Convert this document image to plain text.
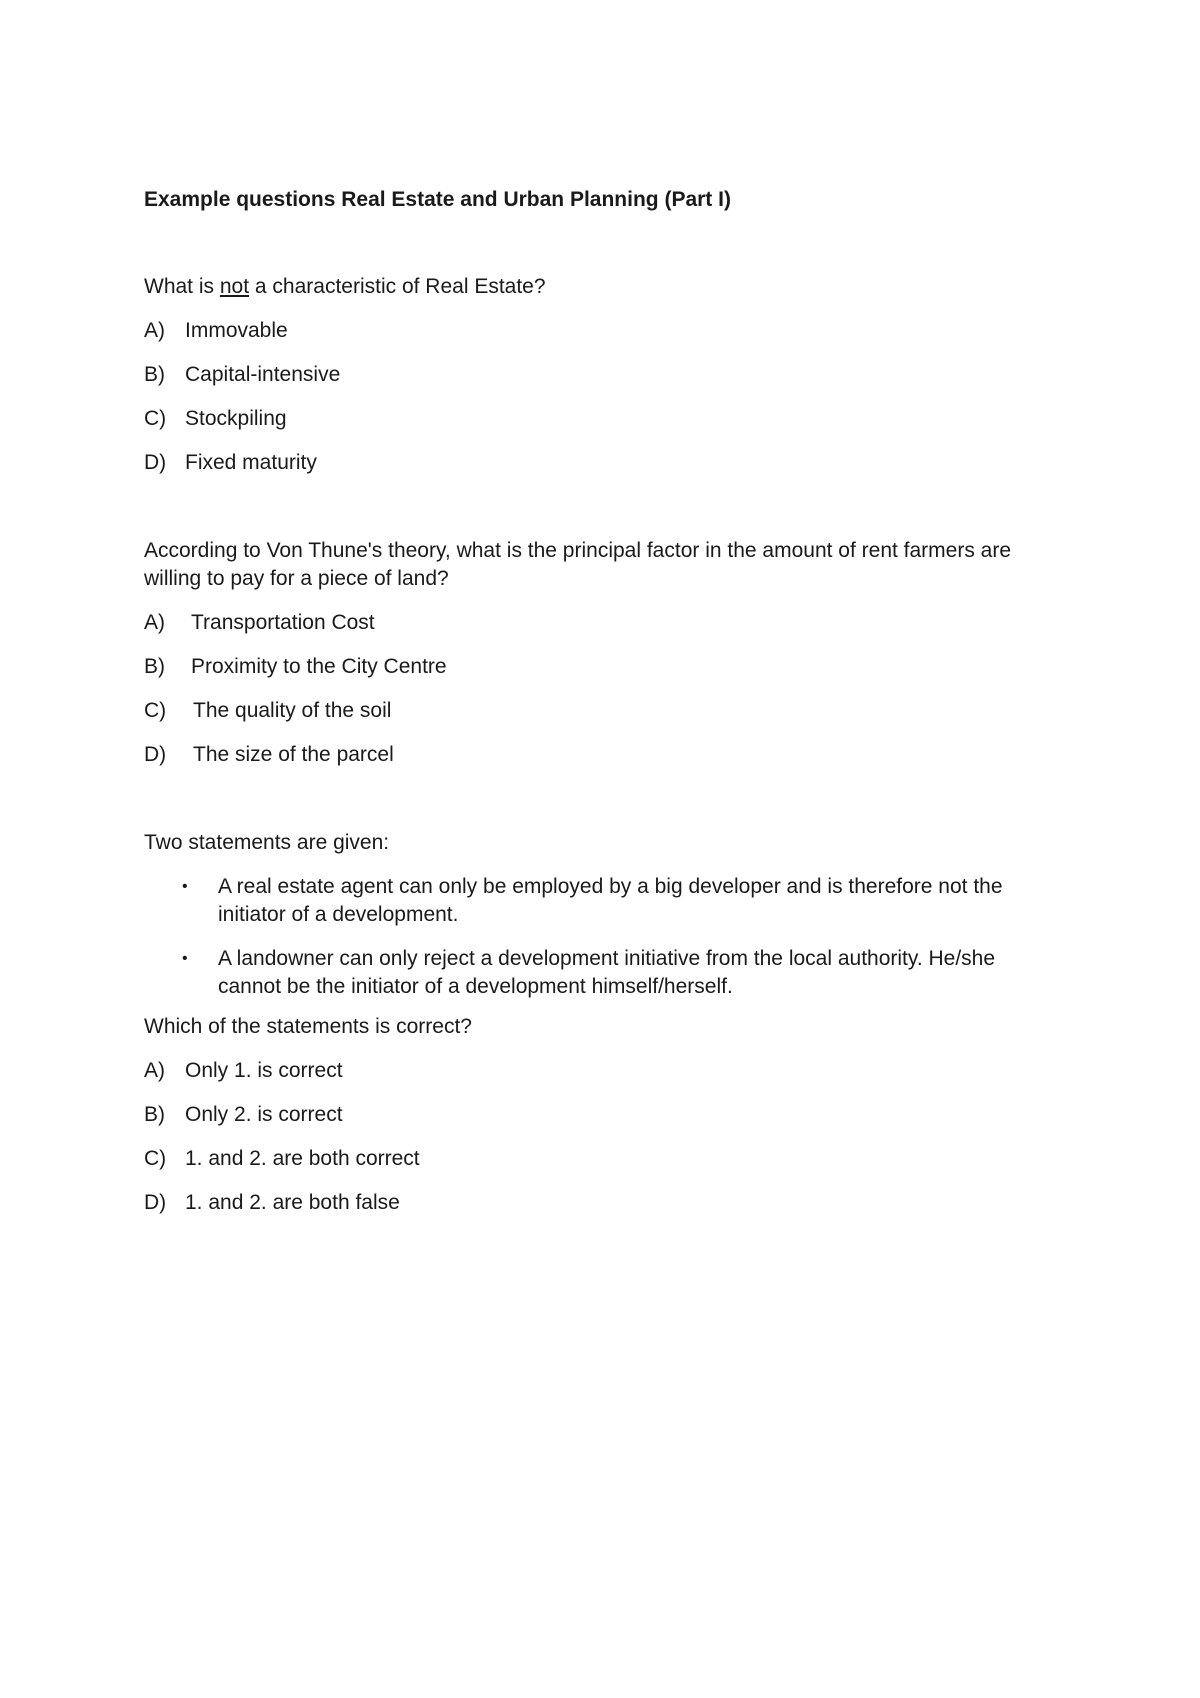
Example questions Real Estate and Urban Planning (Part I)

What is not a characteristic of Real Estate?

A) Immovable
B) Capital-intensive
C) Stockpiling
D) Fixed maturity

According to Von Thune's theory, what is the principal factor in the amount of rent farmers are willing to pay for a piece of land?

A)	Transportation Cost
B)	Proximity to the City Centre
C)	The quality of the soil
D)	The size of the parcel

Two statements are given:

•	A real estate agent can only be employed by a big developer and is therefore not the initiator of a development.
•	A landowner can only reject a development initiative from the local authority. He/she cannot be the initiator of a development himself/herself.

Which of the statements is correct?

A) Only 1. is correct
B) Only 2. is correct
C) 1. and 2. are both correct
D) 1. and 2. are both false
